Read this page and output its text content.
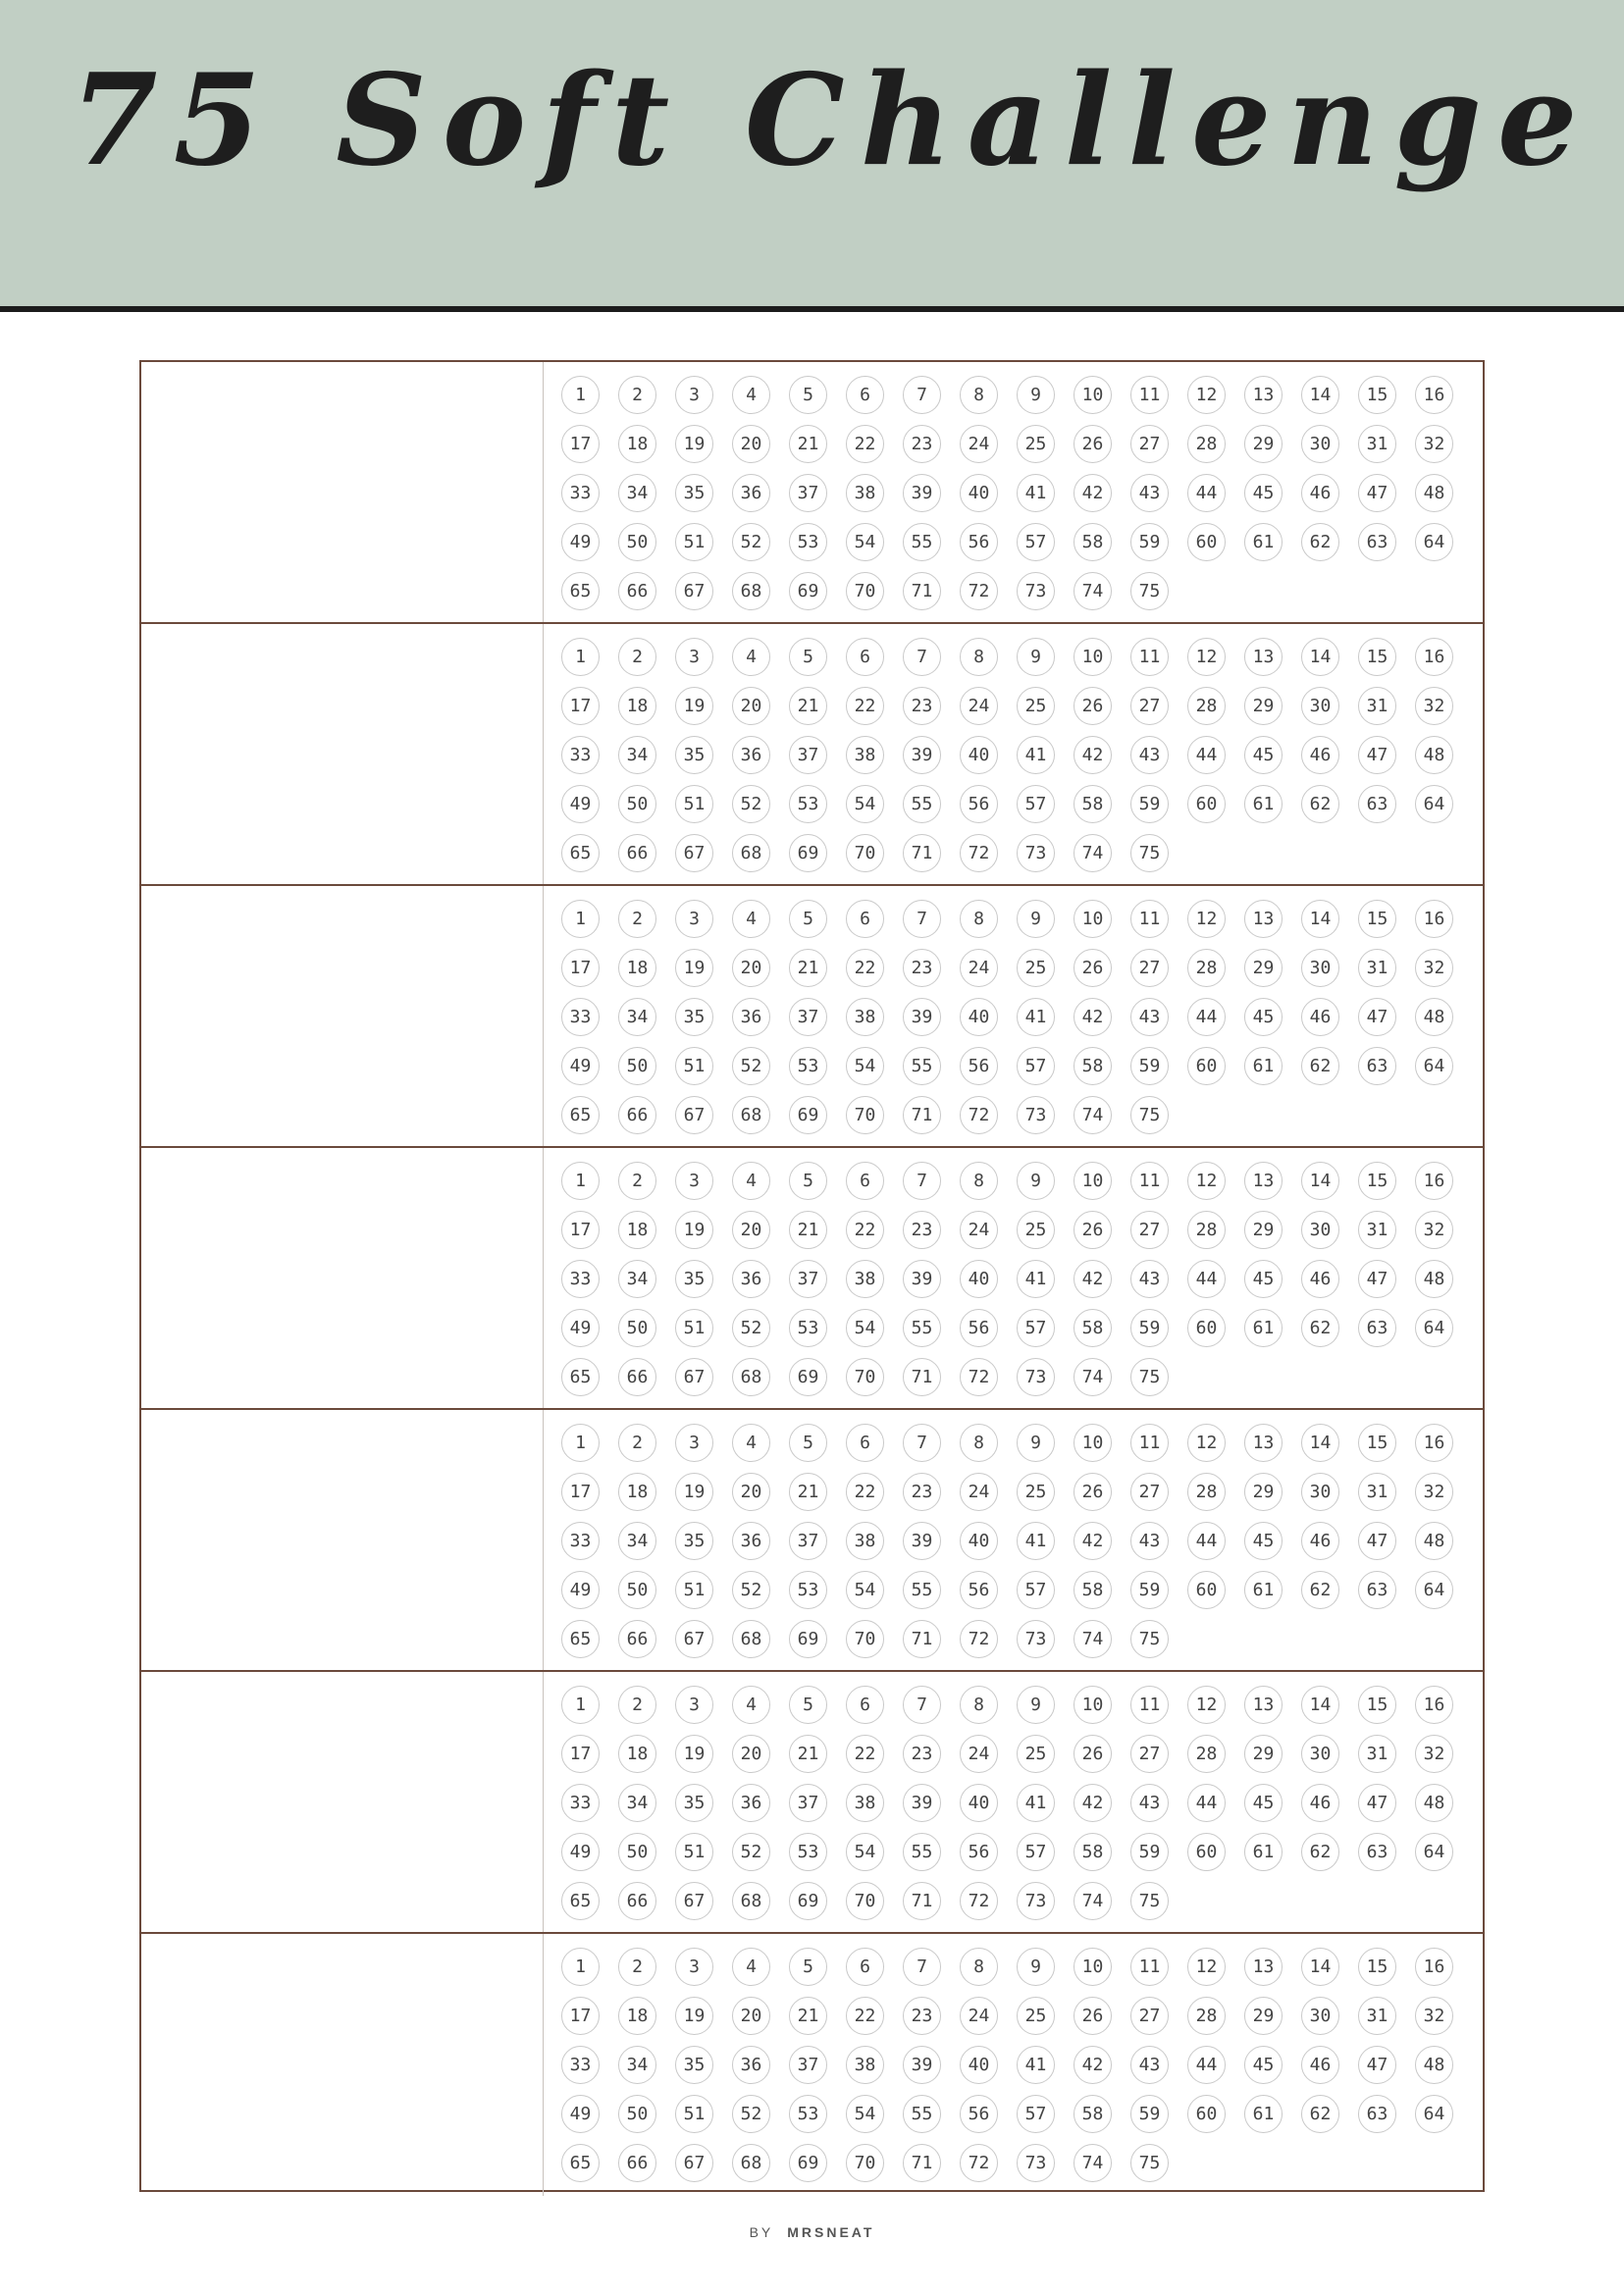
75 Soft Challenge
1	2	3	4	5	6	7	8	9	10	11	12	13	14	15	16
17	18	19	20	21	22	23	24	25	26	27	28	29	30	31	32
33	34	35	36	37	38	39	40	41	42	43	44	45	46	47	48
49	50	51	52	53	54	55	56	57	58	59	60	61	62	63	64
65	66	67	68	69	70	71	72	73	74	75
1	2	3	4	5	6	7	8	9	10	11	12	13	14	15	16
17	18	19	20	21	22	23	24	25	26	27	28	29	30	31	32
33	34	35	36	37	38	39	40	41	42	43	44	45	46	47	48
49	50	51	52	53	54	55	56	57	58	59	60	61	62	63	64
65	66	67	68	69	70	71	72	73	74	75
1	2	3	4	5	6	7	8	9	10	11	12	13	14	15	16
17	18	19	20	21	22	23	24	25	26	27	28	29	30	31	32
33	34	35	36	37	38	39	40	41	42	43	44	45	46	47	48
49	50	51	52	53	54	55	56	57	58	59	60	61	62	63	64
65	66	67	68	69	70	71	72	73	74	75
1	2	3	4	5	6	7	8	9	10	11	12	13	14	15	16
17	18	19	20	21	22	23	24	25	26	27	28	29	30	31	32
33	34	35	36	37	38	39	40	41	42	43	44	45	46	47	48
49	50	51	52	53	54	55	56	57	58	59	60	61	62	63	64
65	66	67	68	69	70	71	72	73	74	75
1	2	3	4	5	6	7	8	9	10	11	12	13	14	15	16
17	18	19	20	21	22	23	24	25	26	27	28	29	30	31	32
33	34	35	36	37	38	39	40	41	42	43	44	45	46	47	48
49	50	51	52	53	54	55	56	57	58	59	60	61	62	63	64
65	66	67	68	69	70	71	72	73	74	75
1	2	3	4	5	6	7	8	9	10	11	12	13	14	15	16
17	18	19	20	21	22	23	24	25	26	27	28	29	30	31	32
33	34	35	36	37	38	39	40	41	42	43	44	45	46	47	48
49	50	51	52	53	54	55	56	57	58	59	60	61	62	63	64
65	66	67	68	69	70	71	72	73	74	75
1	2	3	4	5	6	7	8	9	10	11	12	13	14	15	16
17	18	19	20	21	22	23	24	25	26	27	28	29	30	31	32
33	34	35	36	37	38	39	40	41	42	43	44	45	46	47	48
49	50	51	52	53	54	55	56	57	58	59	60	61	62	63	64
65	66	67	68	69	70	71	72	73	74	75
BY MRSNEAT
